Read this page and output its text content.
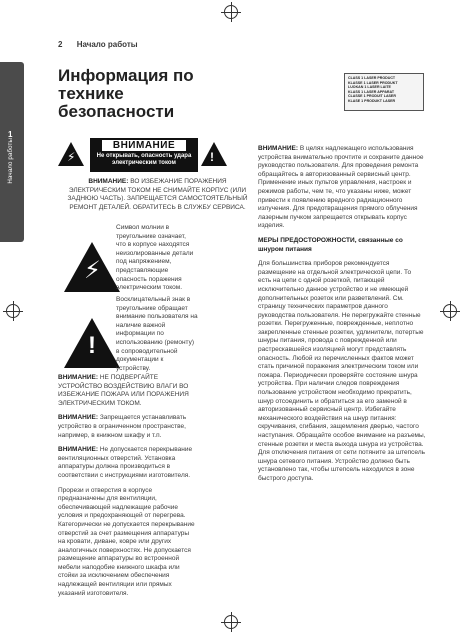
1
Начало работы
2 Начало работы
Информация по технике безопасности
⚡
ВНИМАНИЕ
Не открывать, опасность удара электрическим током	!
ВНИМАНИЕ: ВО ИЗБЕЖАНИЕ ПОРАЖЕНИЯ ЭЛЕКТРИЧЕСКИМ ТОКОМ НЕ СНИМАЙТЕ КОРПУС (ИЛИ ЗАДНЮЮ ЧАСТЬ). ЗАПРЕЩАЕТСЯ САМОСТОЯТЕЛЬНЫЙ РЕМОНТ ДЕТАЛЕЙ. ОБРАТИТЕСЬ В СЛУЖБУ СЕРВИСА.
⚡
Символ молнии в треугольнике означает, что в корпусе находятся неизолированные детали под напряжением, представляющие опасность поражения электрическим током.
!
Восклицательный знак в треугольнике обращает внимание пользователя на наличие важной информации по использованию (ремонту) в сопроводительной документации к устройству.

ВНИМАНИЕ: НЕ ПОДВЕРГАЙТЕ УСТРОЙСТВО ВОЗДЕЙСТВИЮ ВЛАГИ ВО ИЗБЕЖАНИЕ ПОЖАРА ИЛИ ПОРАЖЕНИЯ ЭЛЕКТРИЧЕСКИМ ТОКОМ.

ВНИМАНИЕ: Запрещается устанавливать устройство в ограниченном пространстве, например, в книжном шкафу и т.п.

ВНИМАНИЕ: Не допускается перекрывание вентиляционных отверстий. Установка аппаратуры должна производиться в соответствии с инструкциями изготовителя.

Прорези и отверстия в корпусе предназначены для вентиляции, обеспечивающей надлежащие рабочие условия и предохраняющей от перегрева. Категорически не допускается перекрывание отверстий за счет размещения аппаратуры на кровати, диване, ковре или других аналогичных поверхностях. Не допускается размещение аппаратуры во встроенной мебели наподобие книжного шкафа или стойки за исключением обеспечения надлежащей вентиляции или прямых указаний изготовителя.

CLASS 1 LASER PRODUCT
KLASSE 1 LASER PRODUKT
LUOKAN 1 LASER LAITE
KLASS 1 LASER APPARAT
CLASSE 1 PRODUIT LASER
KLASE 1 PRODUKT LASER

ВНИМАНИЕ: В целях надлежащего использования устройства внимательно прочтите и сохраните данное руководство пользователя. Для проведения ремонта обращайтесь в авторизованный сервисный центр. Применение иных пультов управления, настроек и режимов работы, чем те, что указаны ниже, может привести к появлению вредного радиационного излучения. Для предотвращения прямого облучения лазерным пучком запрещается открывать корпус изделия.

МЕРЫ ПРЕДОСТОРОЖНОСТИ, связанные со шнуром питания

Для большинства приборов рекомендуется размещение на отдельной электрической цепи. То есть на цепи с одной розеткой, питающей исключительно данное устройство и не имеющей дополнительных розеток или разветвлений. См. страницу технических параметров данного руководства пользователя. Не перегружайте стенные розетки. Перегруженные, поврежденные, неплотно закрепленные стенные розетки, удлинители, потертые шнуры питания, провода с поврежденной или растрескавшейся изоляцией могут представлять опасность. Любой из перечисленных фактов может стать причиной поражения электрическим током или пожара. Периодически проверяйте состояние шнура устройства. При наличии следов повреждения пользование устройством необходимо прекратить, шнур отсоединить и обратиться за его заменой в авторизованный сервисный центр. Избегайте механического воздействия на шнур питания: скручивания, сгибания, защемления дверью, частого наступания. Обращайте особое внимание на разъемы, стенные розетки и места выхода шнура из устройства. Для отключения питания от сети потяните за штепсель шнура сетевого питания. Устройство должно быть установлено так, чтобы штепсель находился в зоне быстрого доступа.
